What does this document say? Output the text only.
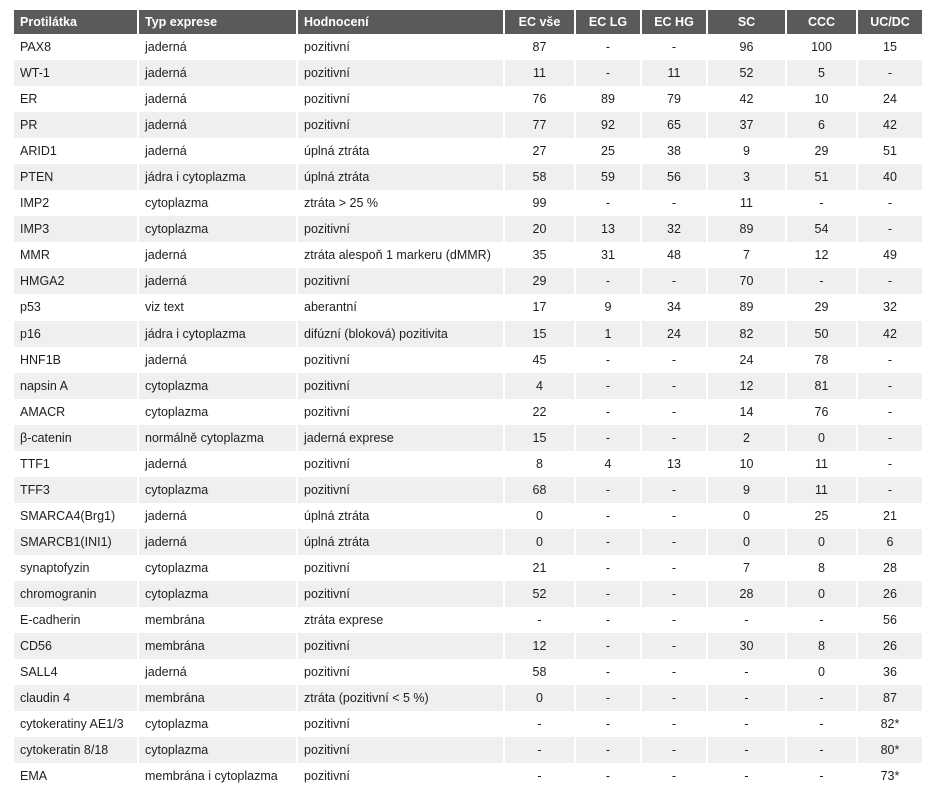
Protilátka	Typ exprese	Hodnocení	EC vše	EC LG	EC HG	SC	CCC	UC/DC
PAX8	jaderná	pozitivní	87	-	-	96	100	15
WT-1	jaderná	pozitivní	11	-	11	52	5	-
ER	jaderná	pozitivní	76	89	79	42	10	24
PR	jaderná	pozitivní	77	92	65	37	6	42
ARID1	jaderná	úplná ztráta	27	25	38	9	29	51
PTEN	jádra i cytoplazma	úplná ztráta	58	59	56	3	51	40
IMP2	cytoplazma	ztráta > 25 %	99	-	-	11	-	-
IMP3	cytoplazma	pozitivní	20	13	32	89	54	-
MMR	jaderná	ztráta alespoň 1 markeru (dMMR)	35	31	48	7	12	49
HMGA2	jaderná	pozitivní	29	-	-	70	-	-
p53	viz text	aberantní	17	9	34	89	29	32
p16	jádra i cytoplazma	difúzní (bloková) pozitivita	15	1	24	82	50	42
HNF1B	jaderná	pozitivní	45	-	-	24	78	-
napsin A	cytoplazma	pozitivní	4	-	-	12	81	-
AMACR	cytoplazma	pozitivní	22	-	-	14	76	-
β-catenin	normálně cytoplazma	jaderná exprese	15	-	-	2	0	-
TTF1	jaderná	pozitivní	8	4	13	10	11	-
TFF3	cytoplazma	pozitivní	68	-	-	9	11	-
SMARCA4(Brg1)	jaderná	úplná ztráta	0	-	-	0	25	21
SMARCB1(INI1)	jaderná	úplná ztráta	0	-	-	0	0	6
synaptofyzin	cytoplazma	pozitivní	21	-	-	7	8	28
chromogranin	cytoplazma	pozitivní	52	-	-	28	0	26
E-cadherin	membrána	ztráta exprese	-	-	-	-	-	56
CD56	membrána	pozitivní	12	-	-	30	8	26
SALL4	jaderná	pozitivní	58	-	-	-	0	36
claudin 4	membrána	ztráta (pozitivní < 5 %)	0	-	-	-	-	87
cytokeratiny AE1/3	cytoplazma	pozitivní	-	-	-	-	-	82*
cytokeratin 8/18	cytoplazma	pozitivní	-	-	-	-	-	80*
EMA	membrána i cytoplazma	pozitivní	-	-	-	-	-	73*
